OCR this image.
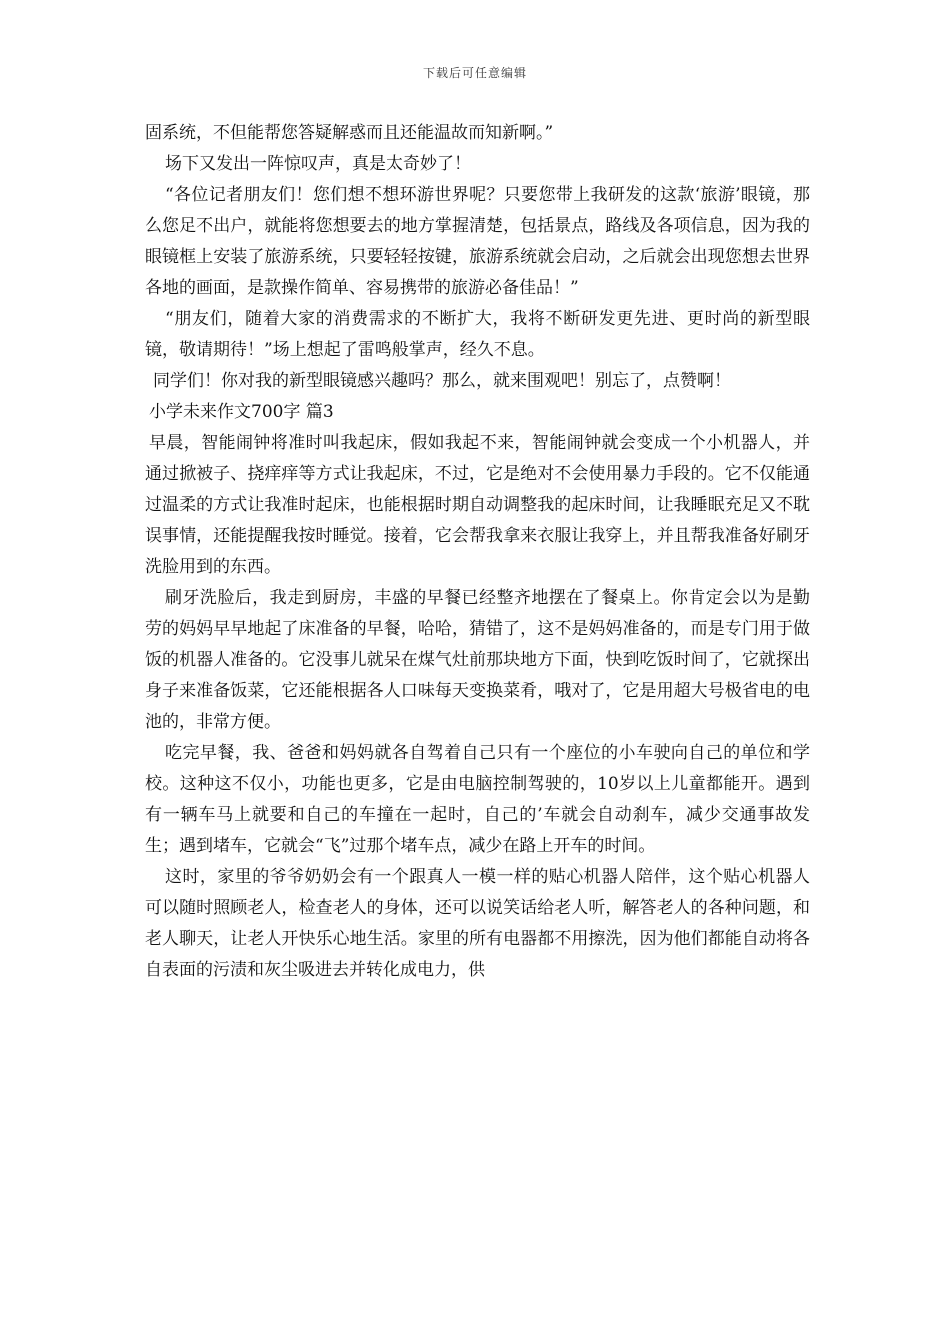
下载后可任意编辑

固系统，不但能帮您答疑解惑而且还能温故而知新啊。”

场下又发出一阵惊叹声，真是太奇妙了！

“各位记者朋友们！您们想不想环游世界呢？只要您带上我研发的这款‘旅游’眼镜，那么您足不出户，就能将您想要去的地方掌握清楚，包括景点，路线及各项信息，因为我的眼镜框上安装了旅游系统，只要轻轻按键，旅游系统就会启动，之后就会出现您想去世界各地的画面，是款操作简单、容易携带的旅游必备佳品！”

“朋友们，随着大家的消费需求的不断扩大，我将不断研发更先进、更时尚的新型眼镜，敬请期待！”场上想起了雷鸣般掌声，经久不息。

同学们！你对我的新型眼镜感兴趣吗？那么，就来围观吧！别忘了，点赞啊！

小学未来作文700字 篇3

早晨，智能闹钟将准时叫我起床，假如我起不来，智能闹钟就会变成一个小机器人，并通过掀被子、挠痒痒等方式让我起床，不过，它是绝对不会使用暴力手段的。它不仅能通过温柔的方式让我准时起床，也能根据时期自动调整我的起床时间，让我睡眠充足又不耽误事情，还能提醒我按时睡觉。接着，它会帮我拿来衣服让我穿上，并且帮我准备好刷牙洗脸用到的东西。

刷牙洗脸后，我走到厨房，丰盛的早餐已经整齐地摆在了餐桌上。你肯定会以为是勤劳的妈妈早早地起了床准备的早餐，哈哈，猜错了，这不是妈妈准备的，而是专门用于做饭的机器人准备的。它没事儿就呆在煤气灶前那块地方下面，快到吃饭时间了，它就探出身子来准备饭菜，它还能根据各人口味每天变换菜肴，哦对了，它是用超大号极省电的电池的，非常方便。

吃完早餐，我、爸爸和妈妈就各自驾着自己只有一个座位的小车驶向自己的单位和学校。这种这不仅小，功能也更多，它是由电脑控制驾驶的，10岁以上儿童都能开。遇到有一辆车马上就要和自己的车撞在一起时，自己的’车就会自动刹车，减少交通事故发生；遇到堵车，它就会“飞”过那个堵车点，减少在路上开车的时间。

这时，家里的爷爷奶奶会有一个跟真人一模一样的贴心机器人陪伴，这个贴心机器人可以随时照顾老人，检查老人的身体，还可以说笑话给老人听，解答老人的各种问题，和老人聊天，让老人开快乐心地生活。家里的所有电器都不用擦洗，因为他们都能自动将各自表面的污渍和灰尘吸进去并转化成电力，供
